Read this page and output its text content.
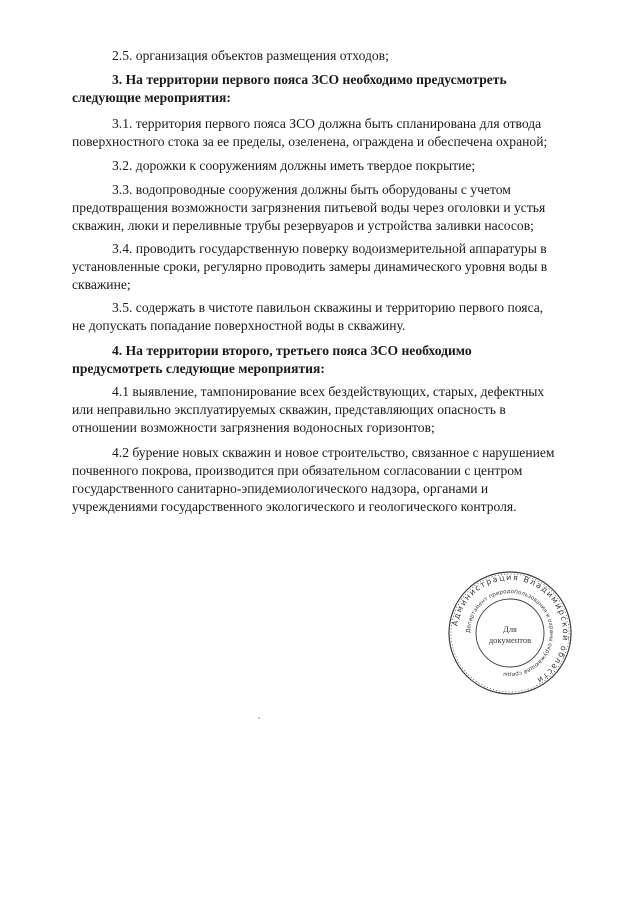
2.5. организация объектов размещения отходов;

3. На территории первого пояса ЗСО необходимо предусмотреть
следующие мероприятия:

3.1. территория первого пояса ЗСО должна быть спланирована для отвода
поверхностного стока за ее пределы, озеленена, ограждена и обеспечена охраной;

3.2. дорожки к сооружениям должны иметь твердое покрытие;

3.3. водопроводные сооружения должны быть оборудованы с учетом
предотвращения возможности загрязнения питьевой воды через оголовки и устья
скважин, люки и переливные трубы резервуаров и устройства заливки насосов;

3.4. проводить государственную поверку водоизмерительной аппаратуры в
установленные сроки, регулярно проводить замеры динамического уровня воды в
скважине;

3.5. содержать в чистоте павильон скважины и территорию первого пояса,
не допускать попадание поверхностной воды в скважину.

4. На территории второго, третьего пояса ЗСО необходимо
предусмотреть следующие мероприятия:

4.1 выявление, тампонирование всех бездействующих, старых, дефектных
или неправильно эксплуатируемых скважин, представляющих опасность в
отношении возможности загрязнения водоносных горизонтов;

4.2 бурение новых скважин и новое строительство, связанное с нарушением
почвенного покрова, производится при обязательном согласовании с центром
государственного санитарно-эпидемиологического надзора, органами и
учреждениями государственного экологического и геологического контроля.

Администрация Владимирской области
Департамент природопользования и охраны окружающей среды
Для
документов
